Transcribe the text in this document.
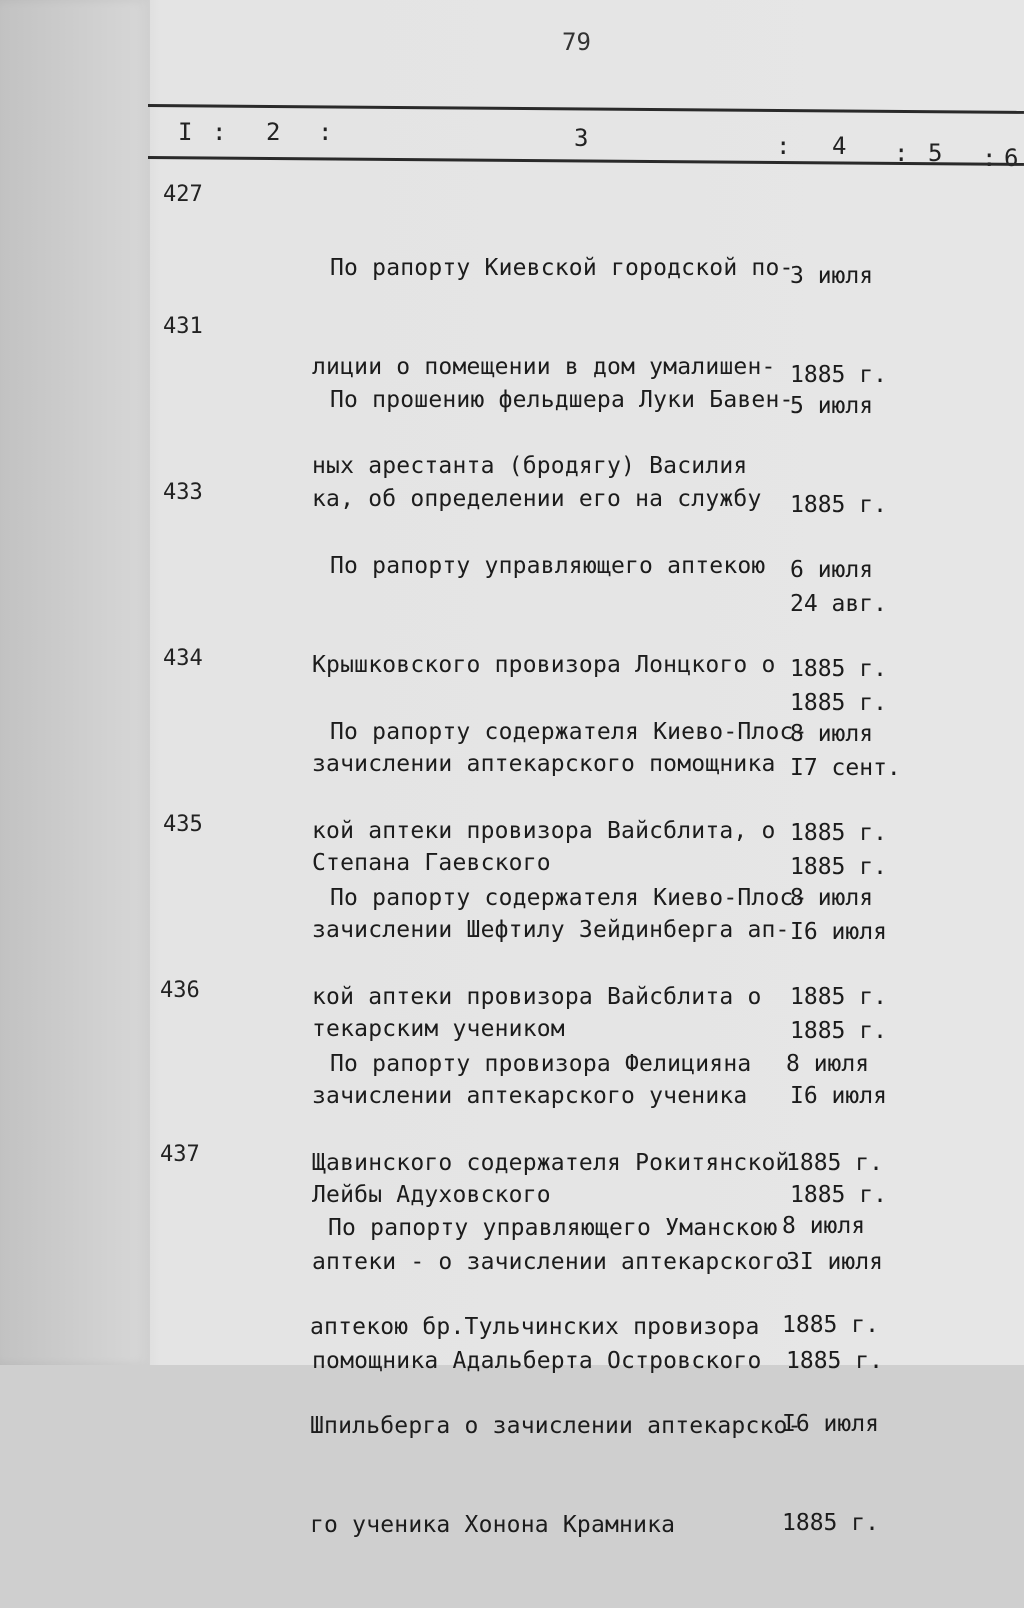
79
I : 2 :	3	: 4 : 5 : 6
427

По рапорту Киевской городской по-

лиции о помещении в дом умалишен-

ных арестанта (бродягу) Василия

3 июля

1885 г.

431

По прошению фельдшера Луки Бавен-

ка, об определении его на службу

5 июля

1885 г.

24 авг.

1885 г.

433

По рапорту управляющего аптекою

Крышковского провизора Лонцкого о

зачислении аптекарского помощника

Степана Гаевского

6 июля

1885 г.

I7 сент.

1885 г.

434

По рапорту содержателя Киево-Плос-

кой аптеки провизора Вайсблита, о

зачислении Шефтилу Зейдинберга ап-

текарским учеником

8 июля

1885 г.

I6 июля

1885 г.

435

По рапорту содержателя Киево-Плос-

кой аптеки провизора Вайсблита о

зачислении аптекарского ученика

Лейбы Адуховского

8 июля

1885 г.

I6 июля

1885 г.

436

По рапорту провизора Фелицияна

Щавинского содержателя Рокитянской

аптеки - о зачислении аптекарского

помощника Адальберта Островского

8 июля

1885 г.

3I июля

1885 г.

437

По рапорту управляющего Уманскою

аптекою бр.Тульчинских провизора

Шпильберга о зачислении аптекарско-

го ученика Хонона Крамника

8 июля

1885 г.

I6 июля

1885 г.
